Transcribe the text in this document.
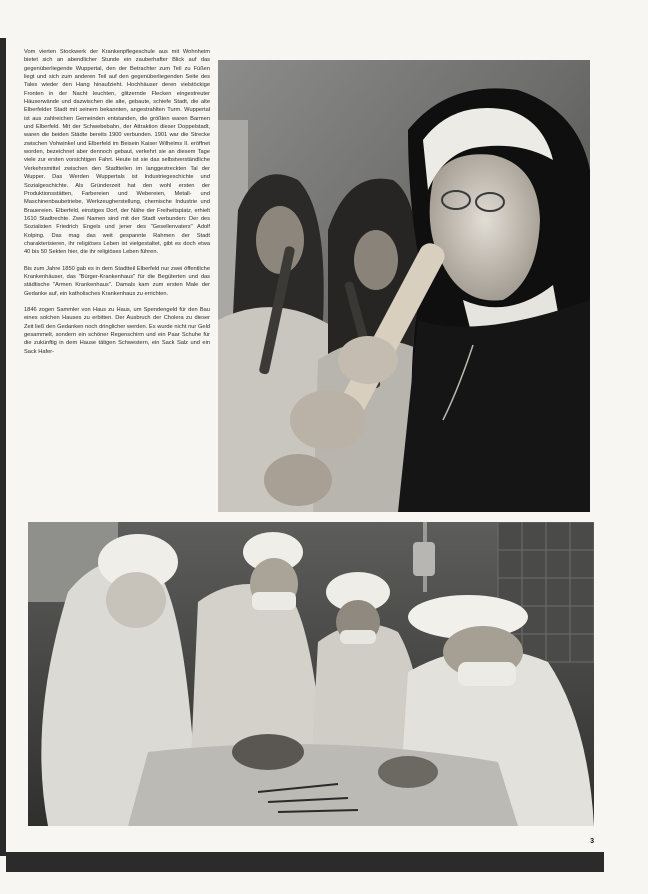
Vom vierten Stockwerk der Krankenpflegeschule aus mit Wohnheim bietet sich an abendlicher Stunde ein zauberhafter Blick auf das gegenüberliegende Wuppertal, den der Betrachter zum Teil zu Füßen liegt und sich zum anderen Teil auf den gegenüberliegenden Seite des Tales wieder den Hang hinaufzieht. Hochhäuser deren vielstöckige Fronten in der Nacht leuchten, glitzernde Flecken eingestreuter Häuserwände und dazwischen die alte, gebaute, schiefe Stadt, die alte Elberfelder Stadt mit seinem bekannten, angestrahlten Turm. Wuppertal ist aus zahlreichen Gemeinden entstanden, die größten waren Barmen und Elberfeld. Mit der Schwebebahn, der Attraktion dieser Doppelstadt, waren die beiden Städte bereits 1900 verbunden. 1901 war die Strecke zwischen Vohwinkel und Elberfeld im Beisein Kaiser Wilhelms II. eröffnet worden, bezeichnet aber dennoch gebaut, verkehrt sie an diesem Tage viele zur ersten vorsichtigen Fahrt. Heute ist sie das selbstverständliche Verkehrsmittel zwischen den Stadtteilen im langgestreckten Tal der Wupper. Das Werden Wuppertals ist Industriegeschichte und Sozialgeschichte. Als Gründerzeit hat den wohl ersten der Produktionsstätten, Farbereien und Webereien, Metall- und Maschinenbaubetriebe, Werkzeugherstellung, chemische Industrie und Brauereien. Elberfeld, einstiges Dorf, der Nähe der Freiheitsplatz, erhielt 1610 Stadtrechte. Zwei Namen sind mit der Stadt verbunden: Der des Sozialisten Friedrich Engels und jener des "Gesellenvaters" Adolf Kolping. Das mag das weit gespannte Rahmen der Stadt charakterisieren, ihr religiöses Leben ist vielgestaltet, gibt es doch etwa 40 bis 50 Sekten hier, die ihr religiöses Leben führen.

Bis zum Jahre 1850 gab es in dem Stadtteil Elberfeld nur zwei öffentliche Krankenhäuser, das "Bürger-Krankenhaus" für die Begüterten und das städtische "Armen Krankenhaus". Damals kam zum ersten Male der Gedanke auf, ein katholisches Krankenhaus zu errichten.

1846 zogen Sammler von Haus zu Haus, um Spendengeld für den Bau eines solchen Hauses zu erbitten. Der Ausbruch der Cholera zu dieser Zeit ließ den Gedanken noch dringlicher werden. Es wurde nicht nur Geld gesammelt, sondern ein schöner Regenschirm und ein Paar Schuhe für die zukünftig in dem Hause tätigen Schwestern, ein Sack Salz und ein Sack Hafer-

3
